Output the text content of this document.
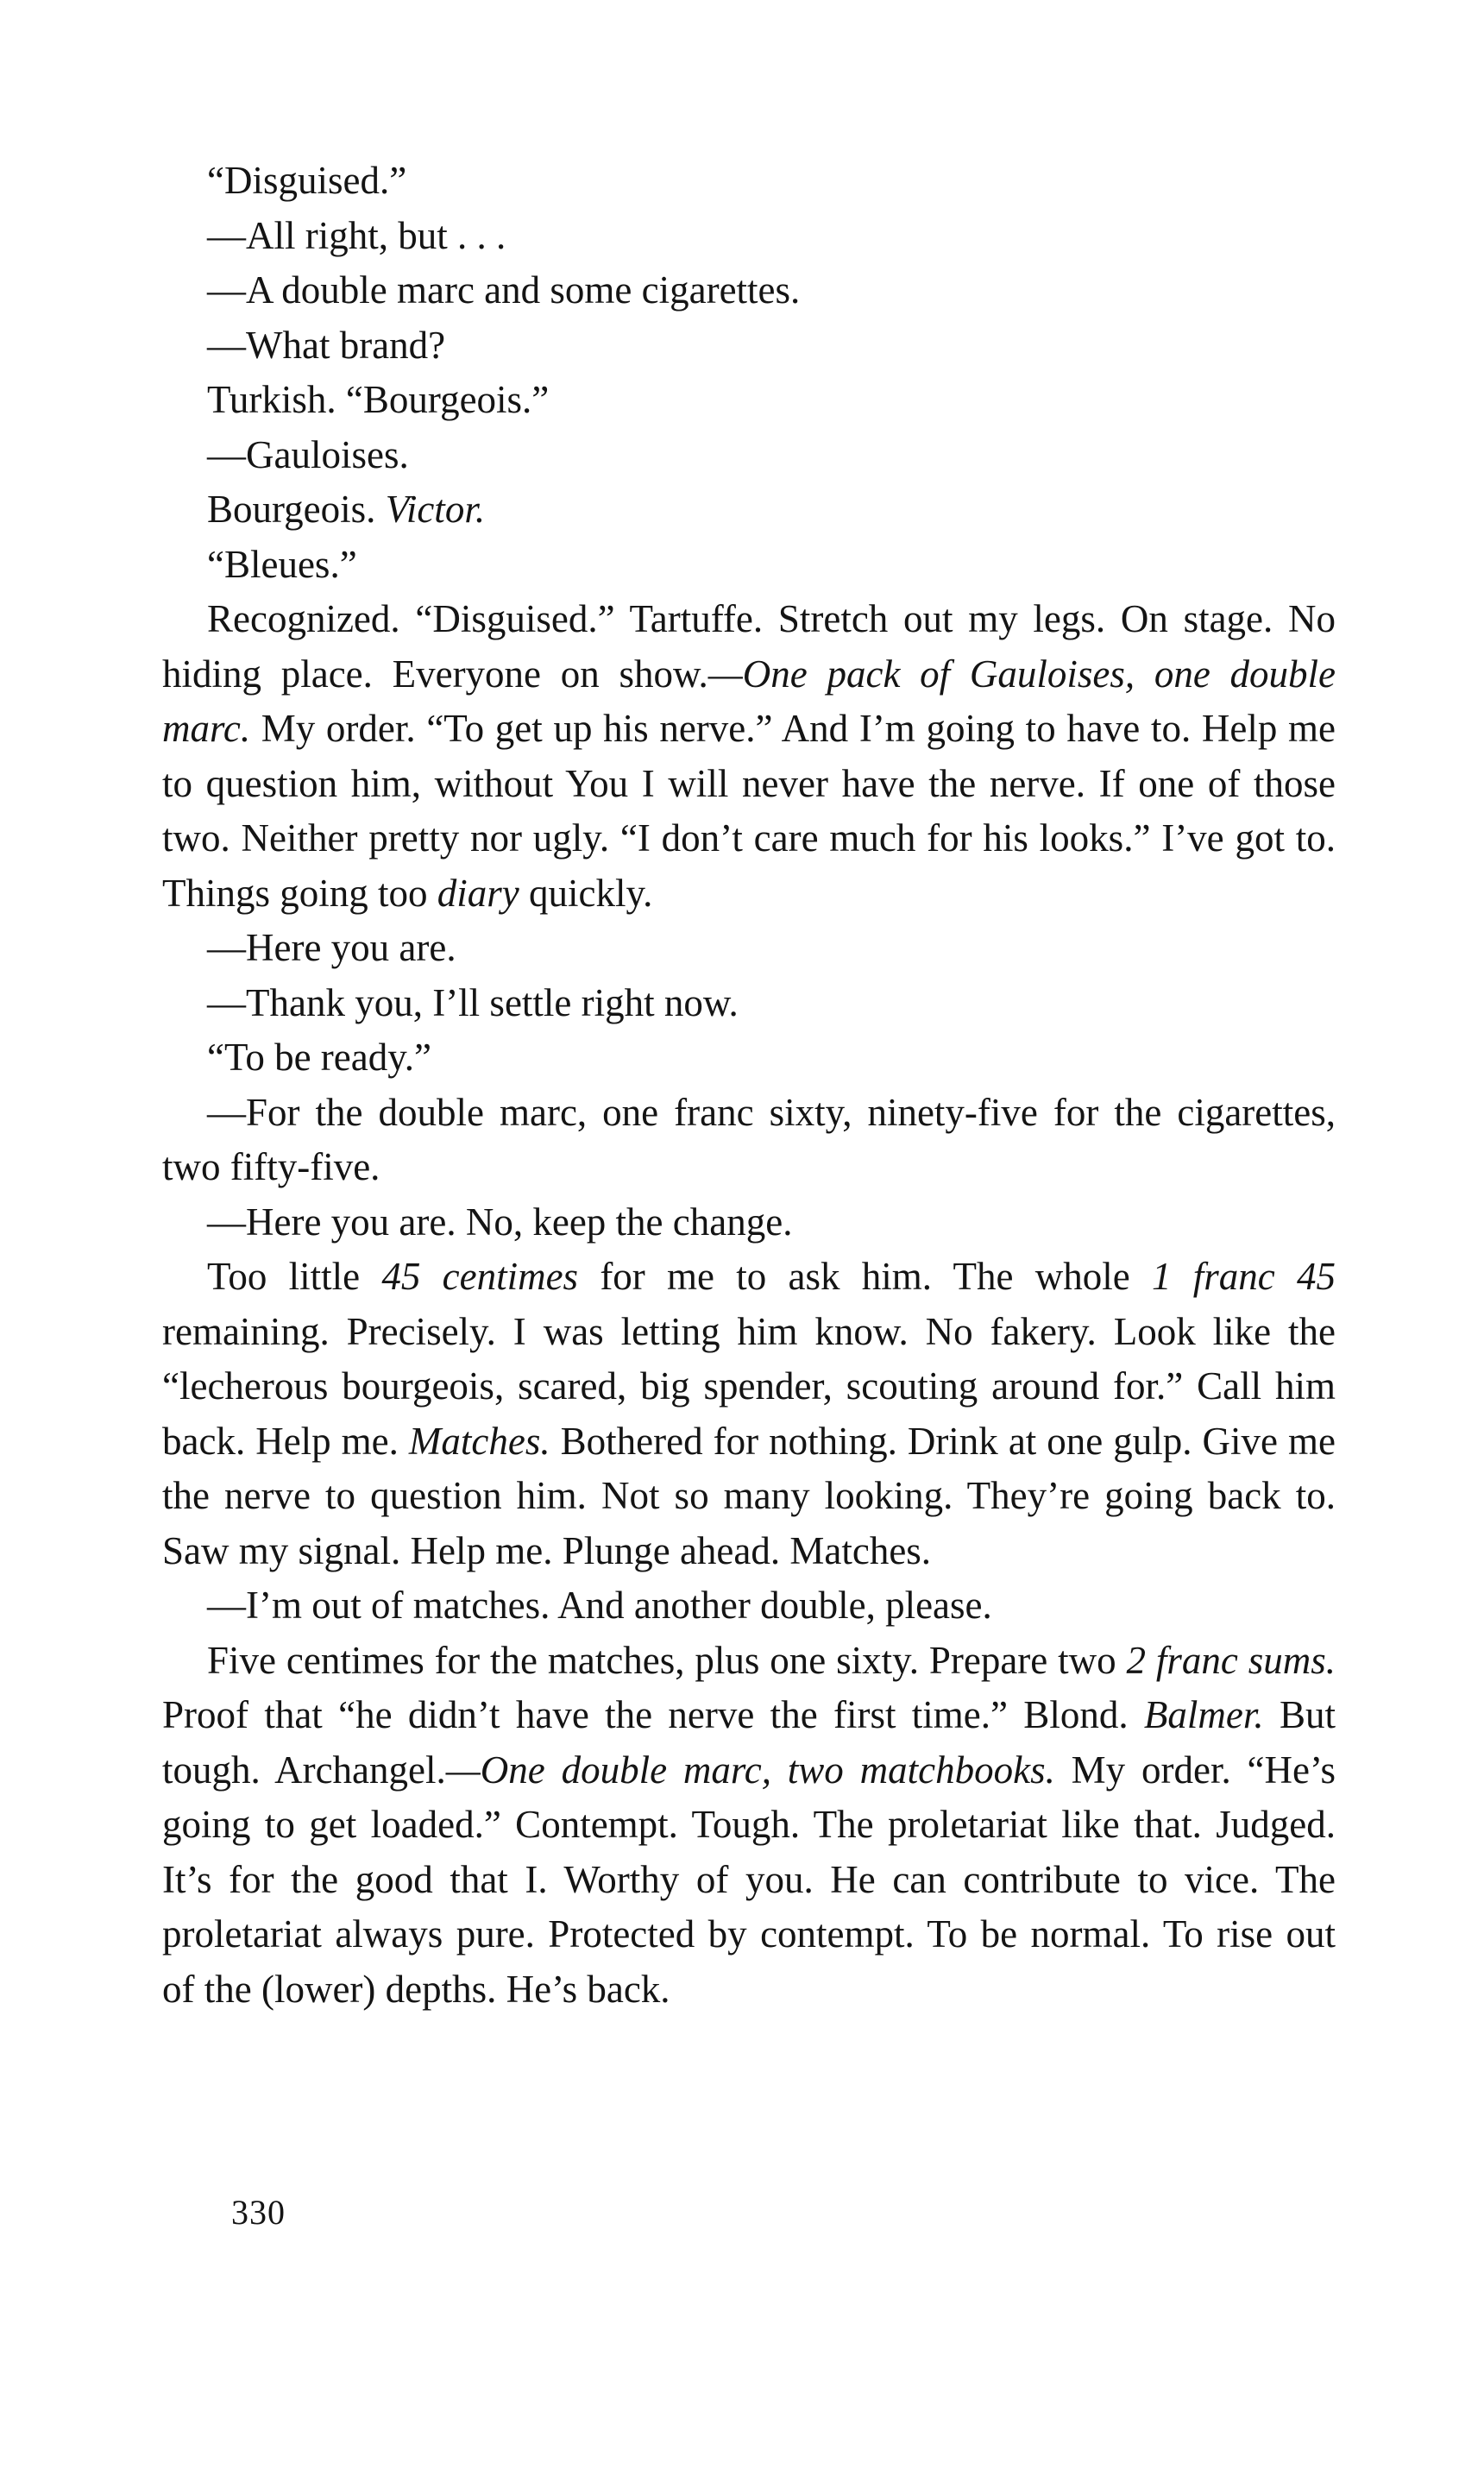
“Disguised.”

—All right, but . . .

—A double marc and some cigarettes.

—What brand?

Turkish. “Bourgeois.”

—Gauloises.

Bourgeois. Victor.

“Bleues.”

Recognized. “Disguised.” Tartuffe. Stretch out my legs. On stage. No hiding place. Everyone on show.—One pack of Gauloises, one double marc. My order. “To get up his nerve.” And I’m going to have to. Help me to question him, without You I will never have the nerve. If one of those two. Neither pretty nor ugly. “I don’t care much for his looks.” I’ve got to. Things going too diary quickly.

—Here you are.

—Thank you, I’ll settle right now.

“To be ready.”

—For the double marc, one franc sixty, ninety-five for the cigarettes, two fifty-five.

—Here you are. No, keep the change.

Too little 45 centimes for me to ask him. The whole 1 franc 45 remaining. Precisely. I was letting him know. No fakery. Look like the “lecherous bourgeois, scared, big spender, scouting around for.” Call him back. Help me. Matches. Bothered for nothing. Drink at one gulp. Give me the nerve to question him. Not so many looking. They’re going back to. Saw my signal. Help me. Plunge ahead. Matches.

—I’m out of matches. And another double, please.

Five centimes for the matches, plus one sixty. Prepare two 2 franc sums. Proof that “he didn’t have the nerve the first time.” Blond. Balmer. But tough. Archangel.—One double marc, two matchbooks. My order. “He’s going to get loaded.” Contempt. Tough. The proletariat like that. Judged. It’s for the good that I. Worthy of you. He can contribute to vice. The proletariat always pure. Protected by contempt. To be normal. To rise out of the (lower) depths. He’s back.

330
